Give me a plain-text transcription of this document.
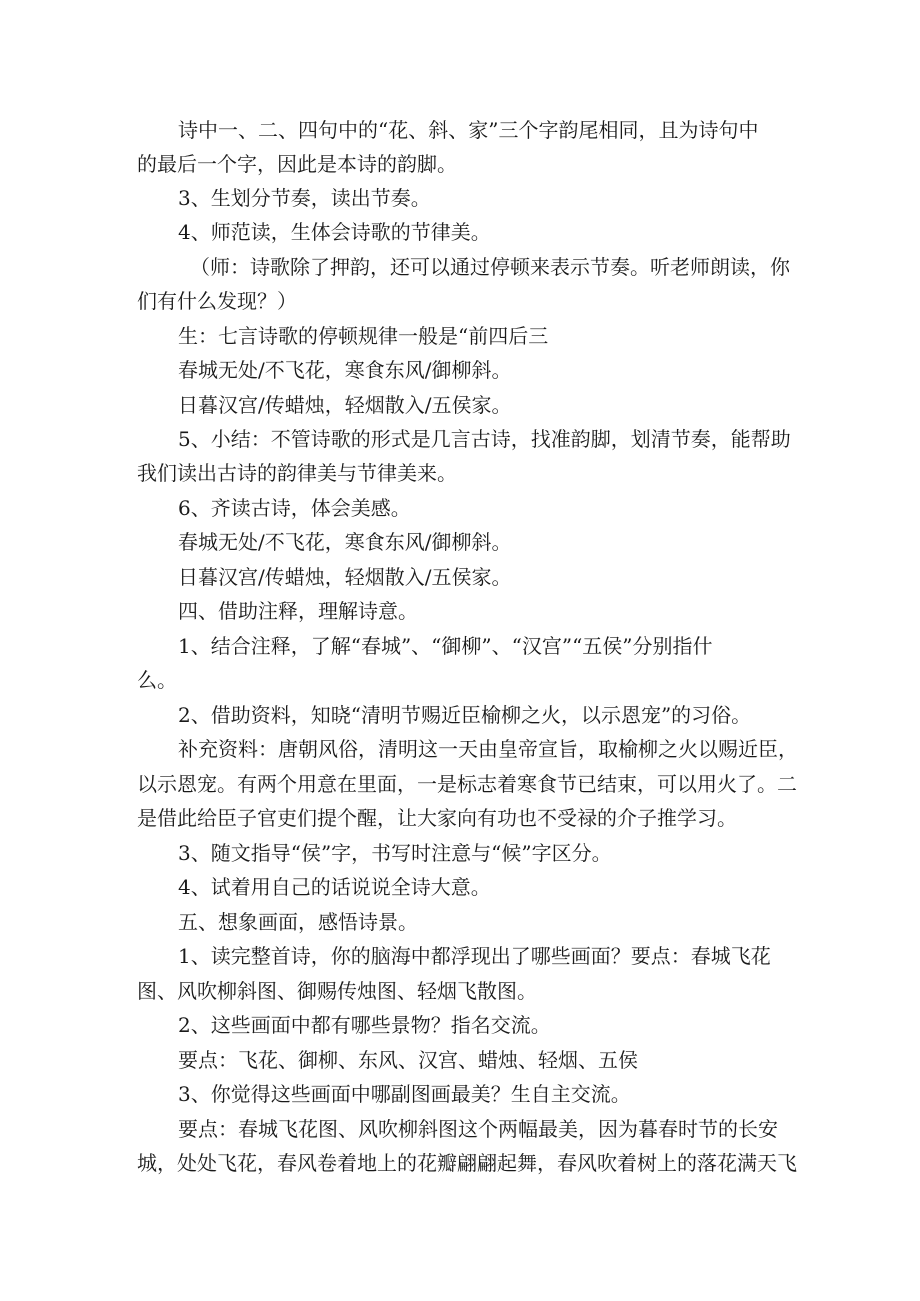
诗中一、二、四句中的“花、斜、家”三个字韵尾相同，且为诗句中
的最后一个字，因此是本诗的韵脚。
3、生划分节奏，读出节奏。
4、师范读，生体会诗歌的节律美。
（师：诗歌除了押韵，还可以通过停顿来表示节奏。听老师朗读，你
们有什么发现？）
生：七言诗歌的停顿规律一般是“前四后三
春城无处/不飞花，寒食东风/御柳斜。
日暮汉宫/传蜡烛，轻烟散入/五侯家。
5、小结：不管诗歌的形式是几言古诗，找准韵脚，划清节奏，能帮助
我们读出古诗的韵律美与节律美来。
6、齐读古诗，体会美感。
春城无处/不飞花，寒食东风/御柳斜。
日暮汉宫/传蜡烛，轻烟散入/五侯家。
四、借助注释，理解诗意。
1、结合注释，了解“春城”、“御柳”、“汉宫”“五侯”分别指什
么。
2、借助资料，知晓“清明节赐近臣榆柳之火，以示恩宠”的习俗。
补充资料：唐朝风俗，清明这一天由皇帝宣旨，取榆柳之火以赐近臣，
以示恩宠。有两个用意在里面，一是标志着寒食节已结束，可以用火了。二
是借此给臣子官吏们提个醒，让大家向有功也不受禄的介子推学习。
3、随文指导“侯”字，书写时注意与“候”字区分。
4、试着用自己的话说说全诗大意。
五、想象画面，感悟诗景。
1、读完整首诗，你的脑海中都浮现出了哪些画面？要点：春城飞花
图、风吹柳斜图、御赐传烛图、轻烟飞散图。
2、这些画面中都有哪些景物？指名交流。
要点：飞花、御柳、东风、汉宫、蜡烛、轻烟、五侯
3、你觉得这些画面中哪副图画最美？生自主交流。
要点：春城飞花图、风吹柳斜图这个两幅最美，因为暮春时节的长安
城，处处飞花，春风卷着地上的花瓣翩翩起舞，春风吹着树上的落花满天飞
